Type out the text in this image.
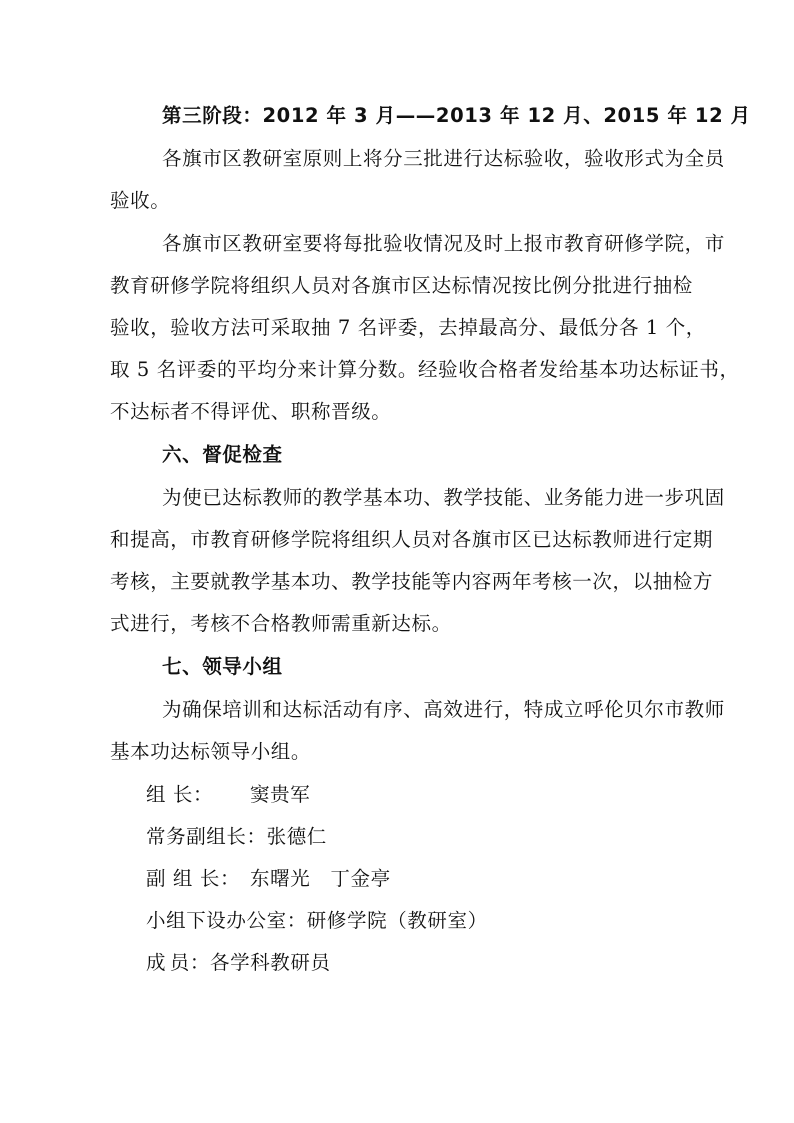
第三阶段：2012 年 3 月——2013 年 12 月、2015 年 12 月
各旗市区教研室原则上将分三批进行达标验收，验收形式为全员
验收。
各旗市区教研室要将每批验收情况及时上报市教育研修学院，市
教育研修学院将组织人员对各旗市区达标情况按比例分批进行抽检
验收，验收方法可采取抽 7 名评委，去掉最高分、最低分各 1 个，
取 5 名评委的平均分来计算分数。经验收合格者发给基本功达标证书，
不达标者不得评优、职称晋级。
六、督促检查
为使已达标教师的教学基本功、教学技能、业务能力进一步巩固
和提高，市教育研修学院将组织人员对各旗市区已达标教师进行定期
考核，主要就教学基本功、教学技能等内容两年考核一次，以抽检方
式进行，考核不合格教师需重新达标。
七、领导小组
为确保培训和达标活动有序、高效进行，特成立呼伦贝尔市教师
基本功达标领导小组。
组 长： 窦贵军
常务副组长：张德仁
副 组 长： 东曙光　丁金亭
小组下设办公室：研修学院（教研室）
成 员： 各学科教研员
